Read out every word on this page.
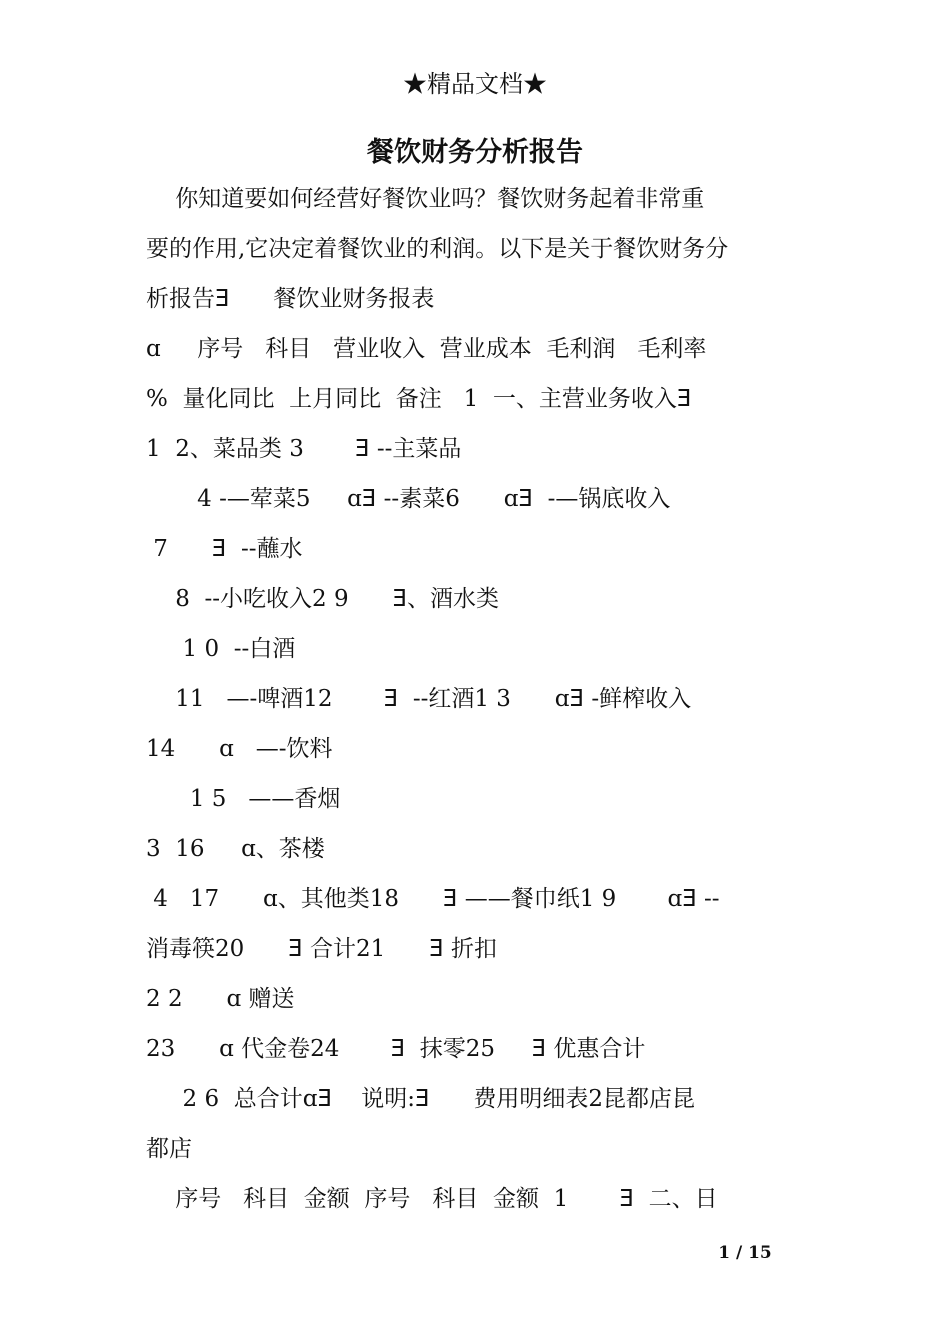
★精品文档★
餐饮财务分析报告
你知道要如何经营好餐饮业吗？餐饮财务起着非常重
要的作用,它决定着餐饮业的利润。以下是关于餐饮财务分
析报告ⴺ      餐饮业财务报表
ɑ     序号   科目   营业收入  营业成本  毛利润   毛利率
%  量化同比  上月同比  备注   1  一、主营业务收入ⴺ
1  2、菜品类 3       ⴺ --主菜品
4 -—荤菜5     ɑⴺ --素菜6      ɑⴺ  -—锅底收入
7      ⴺ  --蘸水
8  --小吃收入2 9      ⴺ、酒水类
1 0  --白酒
11   —-啤酒12       ⴺ  --红酒1 3      ɑⴺ -鲜榨收入
14      ɑ   —-饮料
1 5   ——香烟
3  16     ɑ、茶楼
4   17      ɑ、其他类18      ⴺ ——餐巾纸1 9       ɑⴺ --
消毒筷20      ⴺ 合计21      ⴺ 折扣
2 2      ɑ 赠送
23      ɑ 代金卷24       ⴺ  抹零25     ⴺ 优惠合计
2 6  总合计ɑⴺ    说明:ⴺ      费用明细表2昆都店昆
都店
序号   科目  金额  序号   科目  金额  1       ⴺ  二、日
1 / 15
